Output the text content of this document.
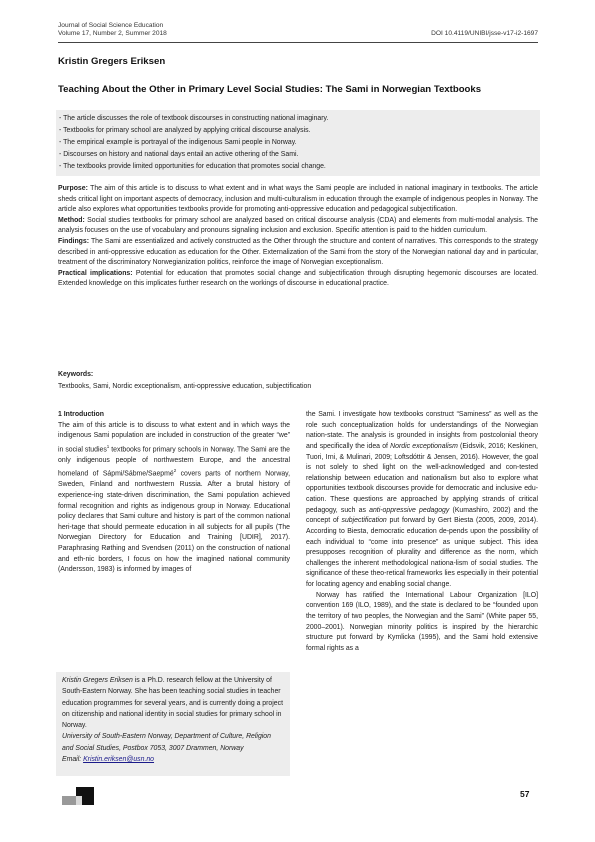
Journal of Social Science Education
Volume 17, Number 2, Summer 2018	DOI 10.4119/UNIBI/jsse-v17-i2-1697
Kristin Gregers Eriksen
Teaching About the Other in Primary Level Social Studies: The Sami in Norwegian Textbooks
- The article discusses the role of textbook discourses in constructing national imaginary.
- Textbooks for primary school are analyzed by applying critical discourse analysis.
- The empirical example is portrayal of the indigenous Sami people in Norway.
- Discourses on history and national days entail an active othering of the Sami.
- The textbooks provide limited opportunities for education that promotes social change.

Purpose: The aim of this article is to discuss to what extent and in what ways the Sami people are included in national imaginary in textbooks. The article sheds critical light on important aspects of democracy, inclusion and multi-culturalism in education through the example of indigenous peoples in Norway. The article also explores what opportunities textbooks provide for promoting anti-oppressive education and pedagogical subjectification.

Method: Social studies textbooks for primary school are analyzed based on critical discourse analysis (CDA) and elements from multi-modal analysis. The analysis focuses on the use of vocabulary and pronouns signaling inclusion and exclusion. Specific attention is paid to the hidden curriculum.

Findings: The Sami are essentialized and actively constructed as the Other through the structure and content of narratives. This corresponds to the strategy described in anti-oppressive education as education for the Other. Externalization of the Sami from the story of the Norwegian national day and in particular, treatment of the discriminatory Norwegianization politics, reinforce the image of Norwegian exceptionalism.

Practical implications: Potential for education that promotes social change and subjectification through disrupting hegemonic discourses are located. Extended knowledge on this implicates further research on the workings of discourse in educational practice.

Keywords:
Textbooks, Sami, Nordic exceptionalism, anti-oppressive education, subjectification

1 Introduction

The aim of this article is to discuss to what extent and in which ways the indigenous Sami population are included in construction of the greater “we” in social studies$^1$ textbooks for primary schools in Norway. The Sami are the only indigenous people of northwestern Europe, and the ancestral homeland of Sápmi/Sábme/Saepmé$^2$ covers parts of northern Norway, Sweden, Finland and northwestern Russia. After a brutal history of experience-ing state-driven discrimination, the Sami population achieved formal recognition and rights as indigenous group in Norway. Educational policy declares that Sami culture and history is part of the common national heri-tage that should permeate education in all subjects for all pupils (The Norwegian Directory for Education and Training [UDIR], 2017). Paraphrasing Røthing and Svendsen (2011) on the construction of national and eth-nic borders, I focus on how the imagined national community (Andersson, 1983) is informed by images of

Kristin Gregers Eriksen is a Ph.D. research fellow at the University of South-Eastern Norway. She has been teaching social studies in teacher education programmes for several years, and is currently doing a project on citizenship and national identity in social studies for primary school in Norway.
University of South-Eastern Norway, Department of Culture, Religion and Social Studies, Postbox 7053, 3007 Drammen, Norway
Email: Kristin.eriksen@usn.no

the Sami. I investigate how textbooks construct “Saminess” as well as the role such conceptualization holds for understandings of the Norwegian nation-state. The analysis is grounded in insights from postcolonial theory and specifically the idea of Nordic exceptionalism (Eidsvik, 2016; Keskinen, Tuori, Irni, & Mulinari, 2009; Loftsdóttir & Jensen, 2016). However, the goal is not solely to shed light on the well-acknowledged and con-tested relationship between education and nationalism but also to explore what opportunities textbook discourses provide for democratic and inclusive edu-cation. These questions are approached by applying strands of critical pedagogy, such as anti-oppressive pedagogy (Kumashiro, 2002) and the concept of subjectification put forward by Gert Biesta (2005, 2009, 2014). According to Biesta, democratic education de-pends upon the possibility of each individual to “come into presence” as unique subject. This idea presupposes recognition of plurality and difference as the norm, which challenges the inherent methodological nationa-lism of social studies. The significance of these theo-retical frameworks lies especially in their potential for locating agency and enabling social change.

Norway has ratified the International Labour Organization [ILO] convention 169 (ILO, 1989), and the state is declared to be “founded upon the territory of two peoples, the Norwegian and the Sami” (White paper 55, 2000–2001). Norwegian minority politics is inspired by the hierarchic structure put forward by Kymlicka (1995), and the Sami hold extensive formal rights as a

57
